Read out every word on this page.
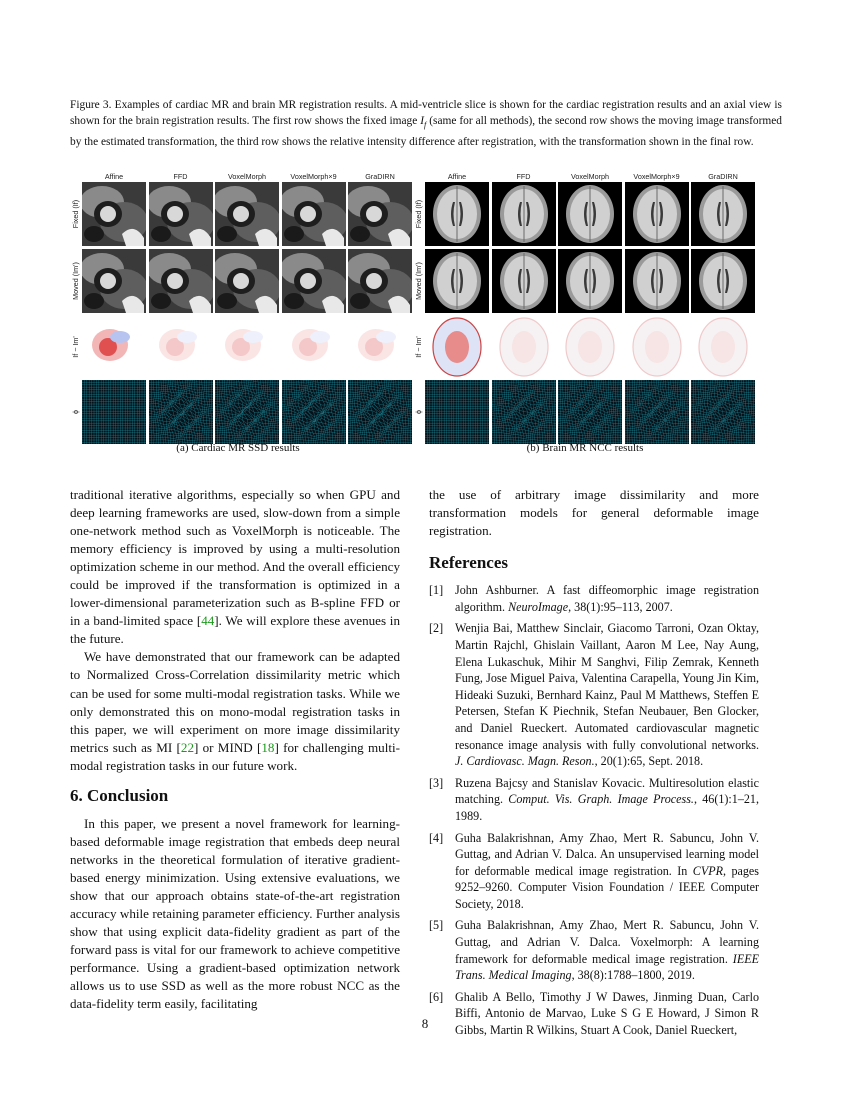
Figure 3. Examples of cardiac MR and brain MR registration results. A mid-ventricle slice is shown for the cardiac registration results and an axial view is shown for the brain registration results. The first row shows the fixed image $I_f$ (same for all methods), the second row shows the moving image transformed by the estimated transformation, the third row shows the relative intensity difference after registration, with the transformation shown in the final row.

Affine	FFD	VoxelMorph	VoxelMorph×9	GraDIRN
Fixed (If)
Moved (Im')
If − Im'
ϕ
Affine	FFD	VoxelMorph	VoxelMorph×9	GraDIRN
Fixed (If)
Moved (Im')
If − Im'
ϕ
(a) Cardiac MR SSD results	(b) Brain MR NCC results

traditional iterative algorithms, especially so when GPU and deep learning frameworks are used, slow-down from a simple one-network method such as VoxelMorph is noticeable. The memory efficiency is improved by using a multi-resolution optimization scheme in our method. And the overall efficiency could be improved if the transformation is optimized in a lower-dimensional parameterization such as B-spline FFD or in a band-limited space [44]. We will explore these avenues in the future.

We have demonstrated that our framework can be adapted to Normalized Cross-Correlation dissimilarity metric which can be used for some multi-modal registration tasks. While we only demonstrated this on mono-modal registration tasks in this paper, we will experiment on more image dissimilarity metrics such as MI [22] or MIND [18] for challenging multi-modal registration tasks in our future work.

6. Conclusion

In this paper, we present a novel framework for learning-based deformable image registration that embeds deep neural networks in the theoretical formulation of iterative gradient-based energy minimization. Using extensive evaluations, we show that our approach obtains state-of-the-art registration accuracy while retaining parameter efficiency. Further analysis show that using explicit data-fidelity gradient as part of the forward pass is vital for our framework to achieve competitive performance. Using a gradient-based optimization network allows us to use SSD as well as the more robust NCC as the data-fidelity term easily, facilitating

the use of arbitrary image dissimilarity and more transformation models for general deformable image registration.

References
[1] John Ashburner. A fast diffeomorphic image registration algorithm. NeuroImage, 38(1):95–113, 2007.
[2] Wenjia Bai, Matthew Sinclair, Giacomo Tarroni, Ozan Oktay, Martin Rajchl, Ghislain Vaillant, Aaron M Lee, Nay Aung, Elena Lukaschuk, Mihir M Sanghvi, Filip Zemrak, Kenneth Fung, Jose Miguel Paiva, Valentina Carapella, Young Jin Kim, Hideaki Suzuki, Bernhard Kainz, Paul M Matthews, Steffen E Petersen, Stefan K Piechnik, Stefan Neubauer, Ben Glocker, and Daniel Rueckert. Automated cardiovascular magnetic resonance image analysis with fully convolutional networks. J. Cardiovasc. Magn. Reson., 20(1):65, Sept. 2018.
[3] Ruzena Bajcsy and Stanislav Kovacic. Multiresolution elastic matching. Comput. Vis. Graph. Image Process., 46(1):1–21, 1989.
[4] Guha Balakrishnan, Amy Zhao, Mert R. Sabuncu, John V. Guttag, and Adrian V. Dalca. An unsupervised learning model for deformable medical image registration. In CVPR, pages 9252–9260. Computer Vision Foundation / IEEE Computer Society, 2018.
[5] Guha Balakrishnan, Amy Zhao, Mert R. Sabuncu, John V. Guttag, and Adrian V. Dalca. Voxelmorph: A learning framework for deformable medical image registration. IEEE Trans. Medical Imaging, 38(8):1788–1800, 2019.
[6] Ghalib A Bello, Timothy J W Dawes, Jinming Duan, Carlo Biffi, Antonio de Marvao, Luke S G E Howard, J Simon R Gibbs, Martin R Wilkins, Stuart A Cook, Daniel Rueckert,
8
